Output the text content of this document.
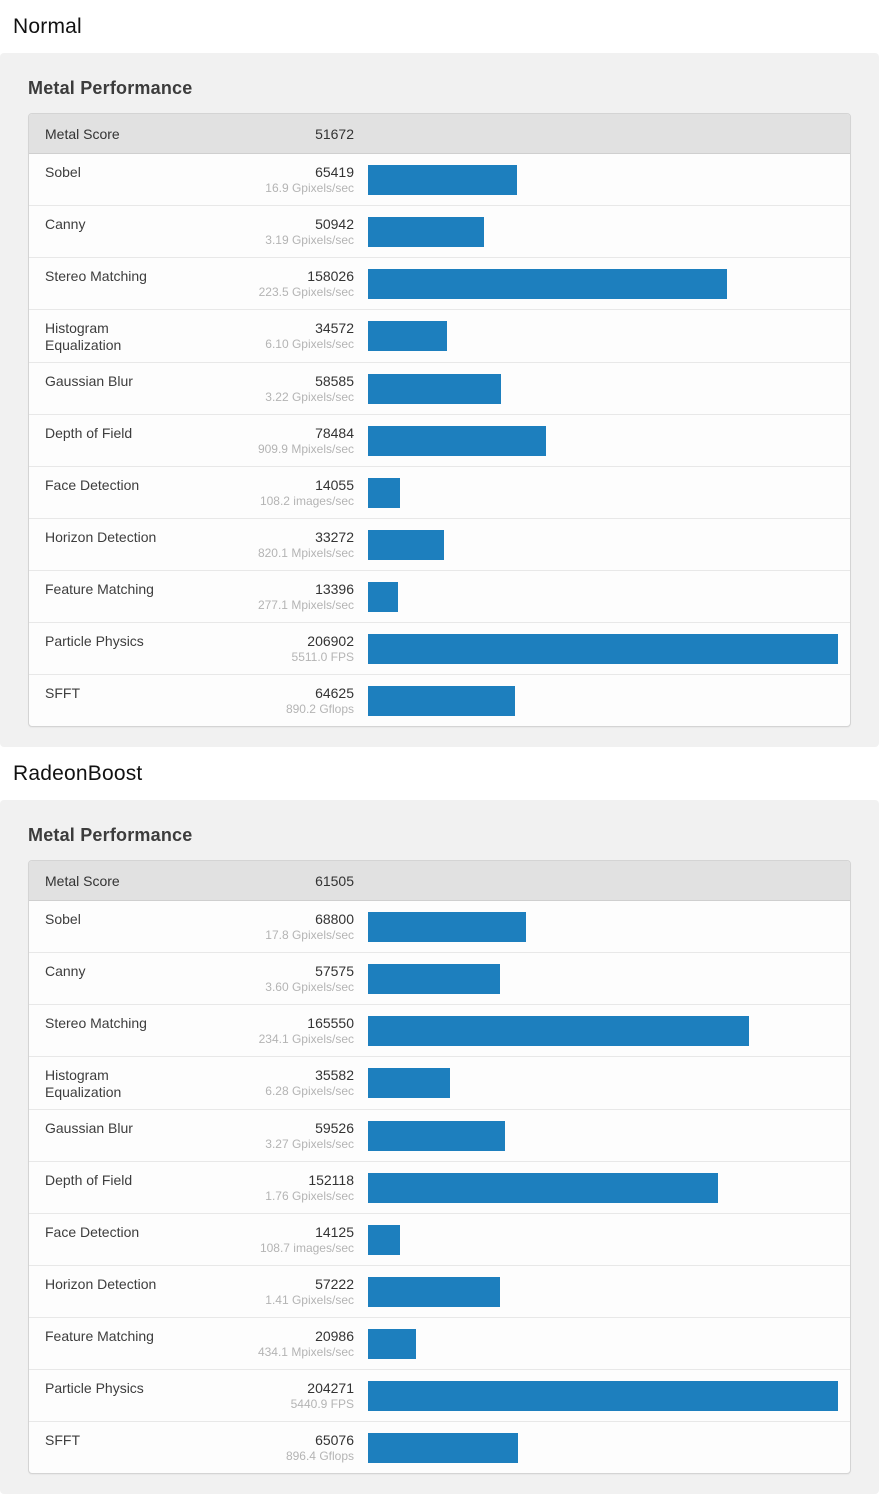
Normal
Metal Performance
Metal Score	51672
Sobel	65419
16.9 Gpixels/sec
Canny	50942
3.19 Gpixels/sec
Stereo Matching	158026
223.5 Gpixels/sec
Histogram Equalization
34572
6.10 Gpixels/sec
Gaussian Blur	58585
3.22 Gpixels/sec
Depth of Field	78484
909.9 Mpixels/sec
Face Detection	14055
108.2 images/sec
Horizon Detection	33272
820.1 Mpixels/sec
Feature Matching	13396
277.1 Mpixels/sec
Particle Physics	206902
5511.0 FPS
SFFT	64625
890.2 Gflops
RadeonBoost
Metal Performance
Metal Score	61505
Sobel	68800
17.8 Gpixels/sec
Canny	57575
3.60 Gpixels/sec
Stereo Matching	165550
234.1 Gpixels/sec
Histogram Equalization
35582
6.28 Gpixels/sec
Gaussian Blur	59526
3.27 Gpixels/sec
Depth of Field	152118
1.76 Gpixels/sec
Face Detection	14125
108.7 images/sec
Horizon Detection	57222
1.41 Gpixels/sec
Feature Matching	20986
434.1 Mpixels/sec
Particle Physics	204271
5440.9 FPS
SFFT	65076
896.4 Gflops
